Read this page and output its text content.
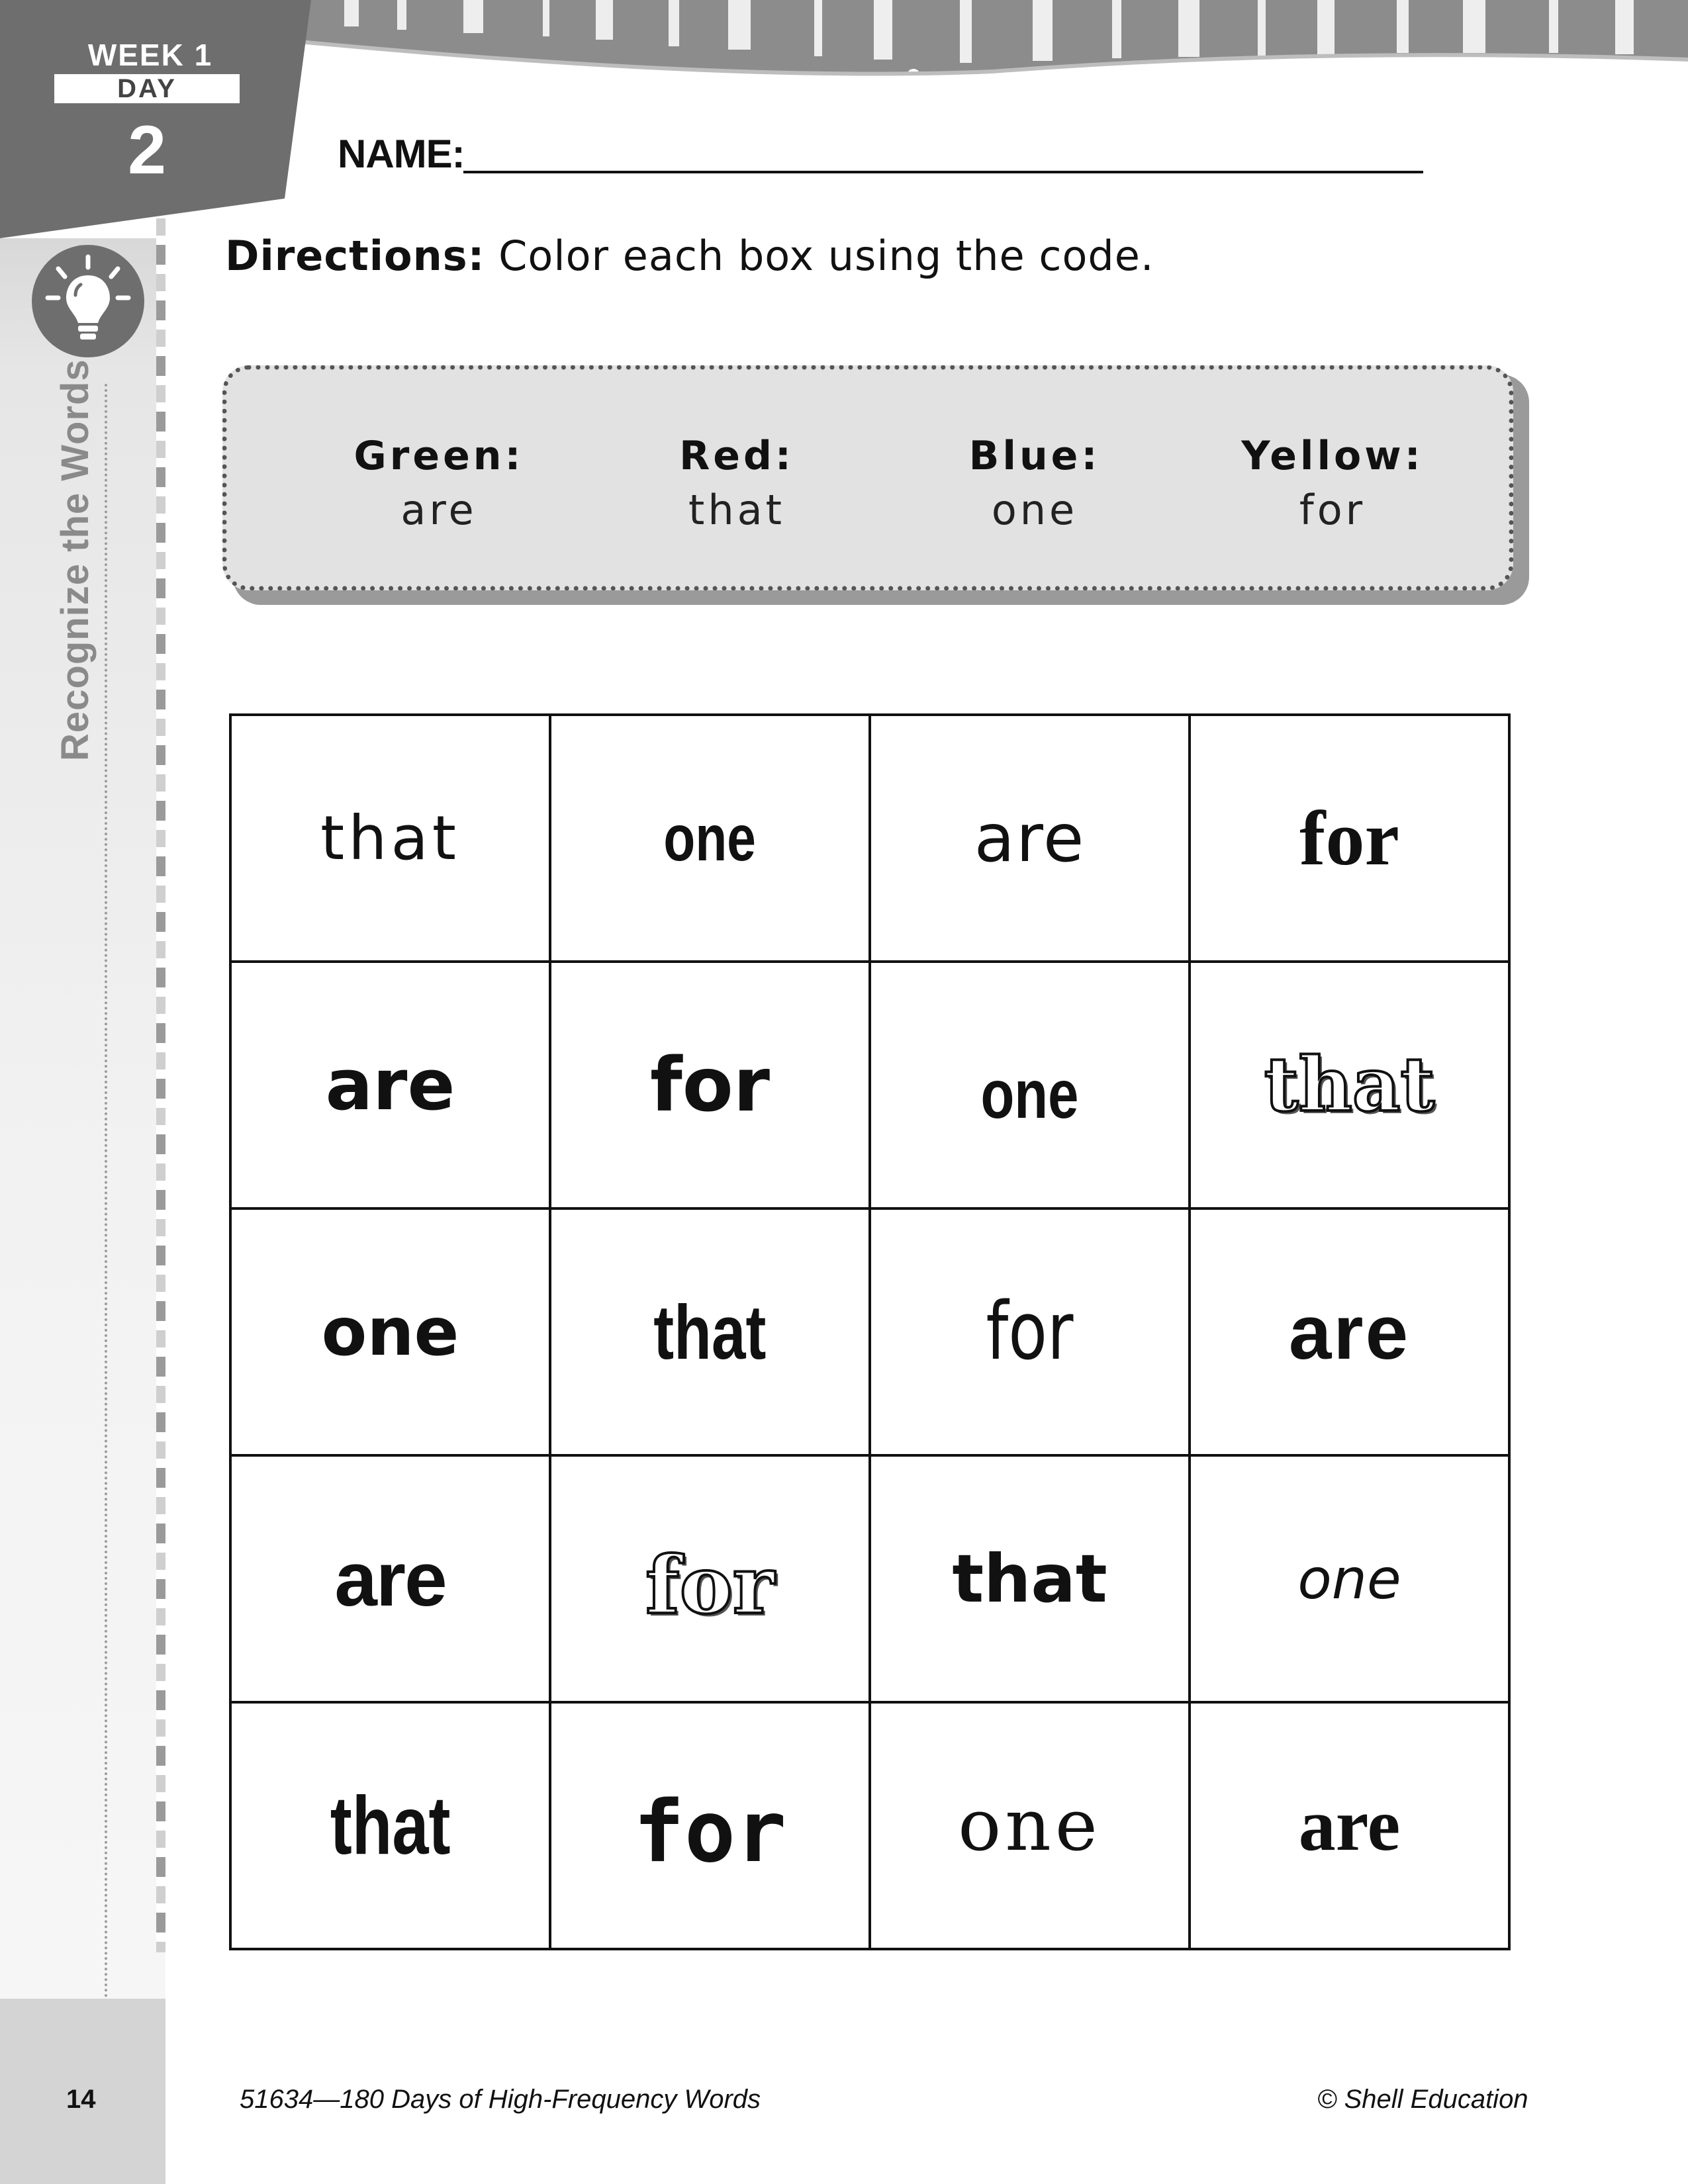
WEEK 1
DAY
2
Recognize the Words
14
NAME:
Directions: Color each box using the code.
Green:
are
Red:
that
Blue:
one
Yellow:
for
that	one	are	for
are	for	one	that
one	that	for	are
are	for	that	one
that	for	one	are
51634—180 Days of High-Frequency Words	© Shell Education
